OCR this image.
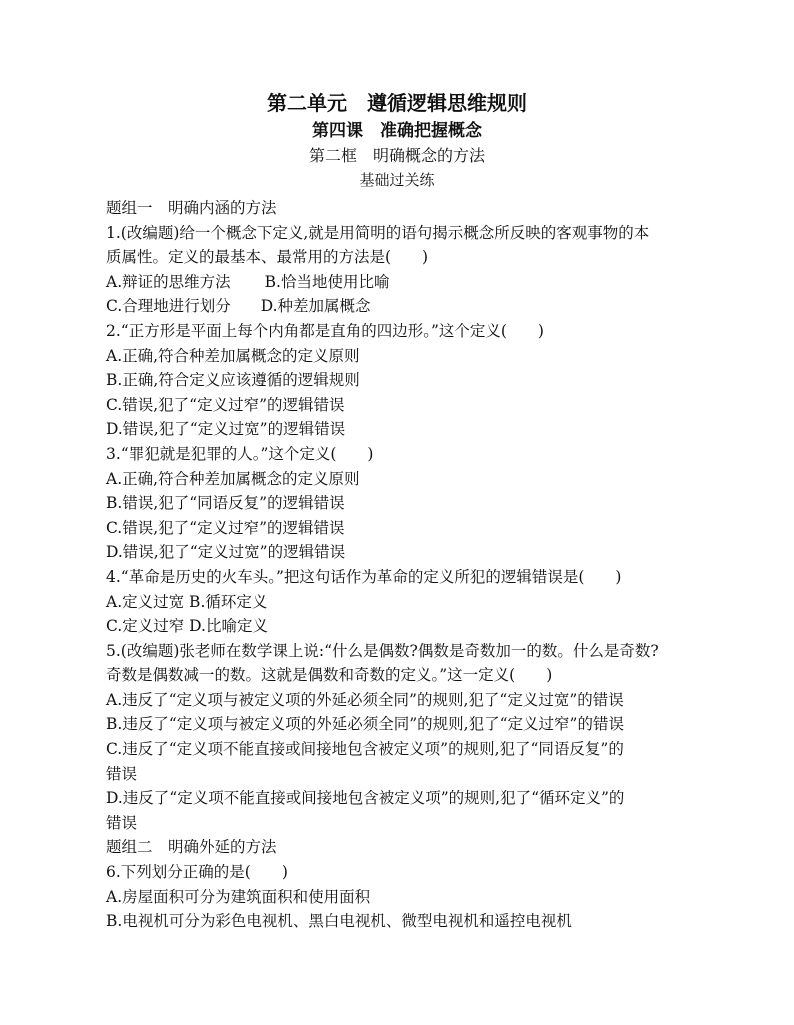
第二单元　遵循逻辑思维规则
第四课　准确把握概念
第二框　明确概念的方法
基础过关练
题组一　明确内涵的方法
1.(改编题)给一个概念下定义,就是用简明的语句揭示概念所反映的客观事物的本
质属性。定义的最基本、最常用的方法是(　　)
A.辩证的思维方法 B.恰当地使用比喻
C.合理地进行划分 D.种差加属概念
2.“正方形是平面上每个内角都是直角的四边形。”这个定义(　　)
A.正确,符合种差加属概念的定义原则
B.正确,符合定义应该遵循的逻辑规则
C.错误,犯了“定义过窄”的逻辑错误
D.错误,犯了“定义过宽”的逻辑错误
3.“罪犯就是犯罪的人。”这个定义(　　)
A.正确,符合种差加属概念的定义原则
B.错误,犯了“同语反复”的逻辑错误
C.错误,犯了“定义过窄”的逻辑错误
D.错误,犯了“定义过宽”的逻辑错误
4.“革命是历史的火车头。”把这句话作为革命的定义所犯的逻辑错误是(　　)
A.定义过宽 B.循环定义
C.定义过窄 D.比喻定义
5.(改编题)张老师在数学课上说:“什么是偶数?偶数是奇数加一的数。什么是奇数?
奇数是偶数减一的数。这就是偶数和奇数的定义。”这一定义(　　)
A.违反了“定义项与被定义项的外延必须全同”的规则,犯了“定义过宽”的错误
B.违反了“定义项与被定义项的外延必须全同”的规则,犯了“定义过窄”的错误
C.违反了“定义项不能直接或间接地包含被定义项”的规则,犯了“同语反复”的
错误
D.违反了“定义项不能直接或间接地包含被定义项”的规则,犯了“循环定义”的
错误
题组二　明确外延的方法
6.下列划分正确的是(　　)
A.房屋面积可分为建筑面积和使用面积
B.电视机可分为彩色电视机、黑白电视机、微型电视机和遥控电视机
